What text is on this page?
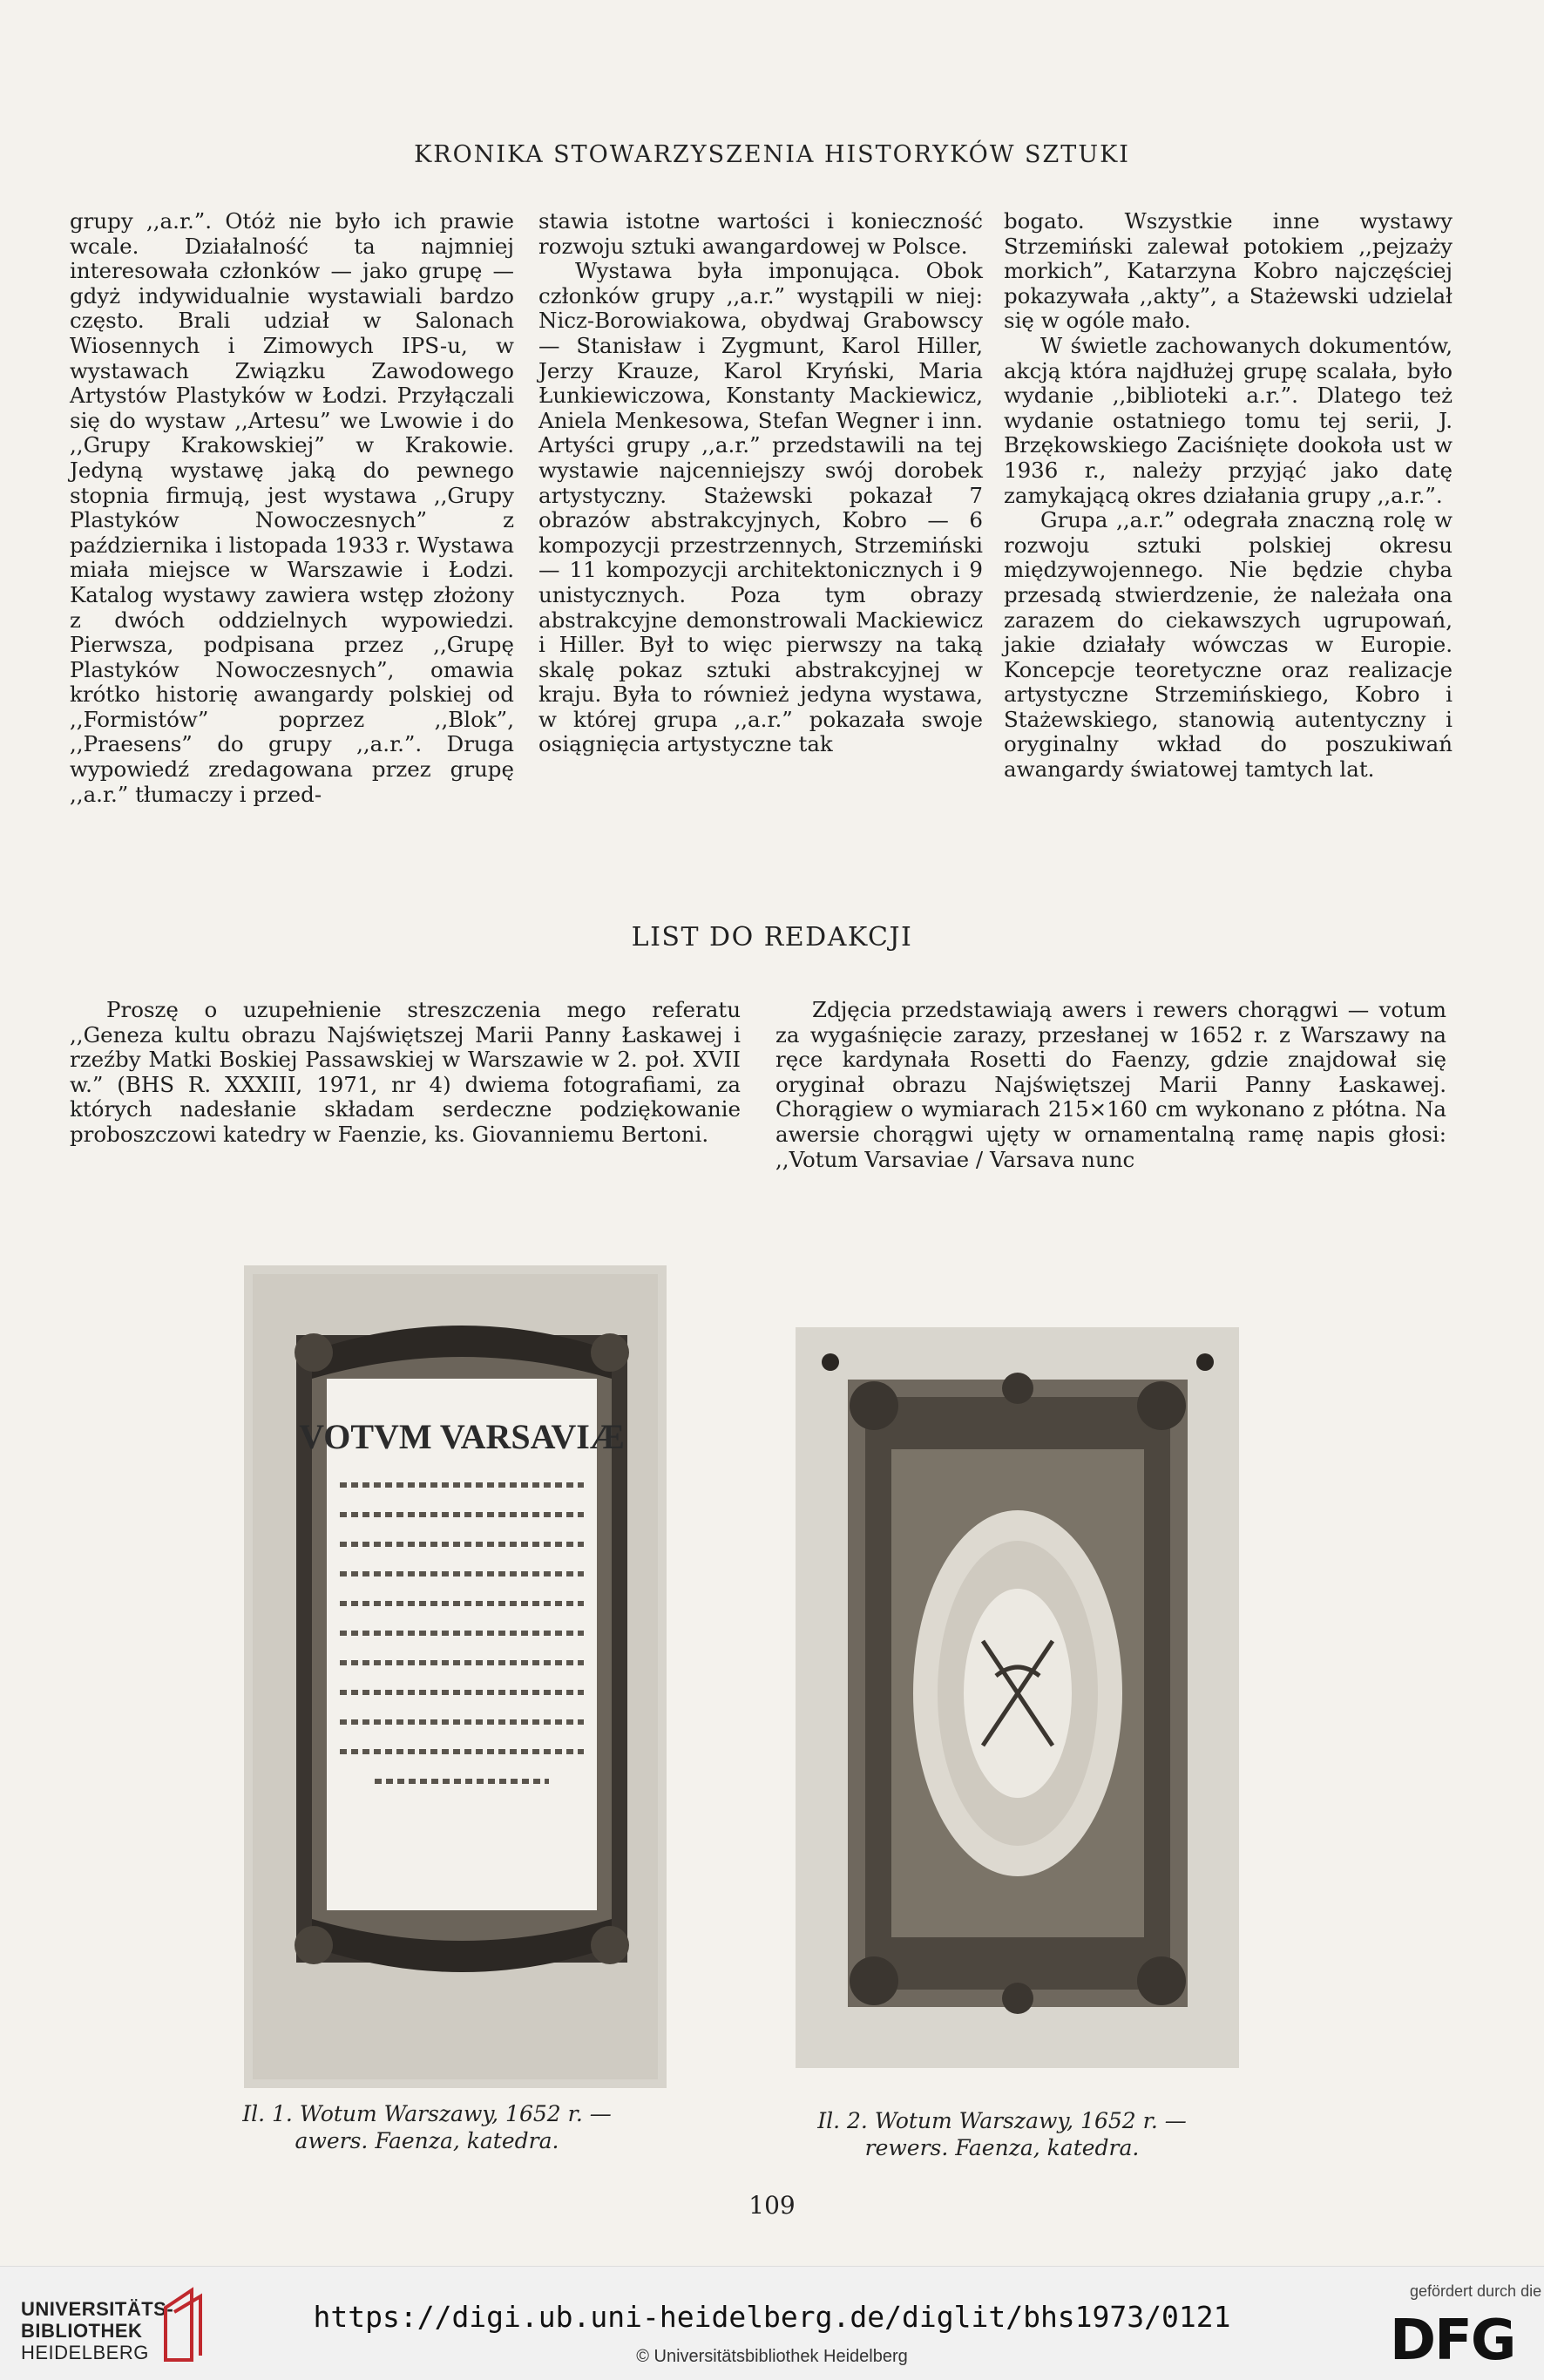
KRONIKA STOWARZYSZENIA HISTORYKÓW SZTUKI

grupy ,,a.r.”. Otóż nie było ich prawie wcale. Działalność ta najmniej interesowała członków — jako grupę — gdyż indywidualnie wystawiali bardzo często. Brali udział w Salonach Wiosennych i Zimowych IPS-u, w wystawach Związku Zawodowego Artystów Plastyków w Łodzi. Przyłączali się do wystaw ,,Artesu” we Lwowie i do ,,Grupy Krakowskiej” w Krakowie. Jedyną wystawę jaką do pewnego stopnia firmują, jest wystawa ,,Grupy Plastyków Nowoczesnych” z października i listopada 1933 r. Wystawa miała miejsce w Warszawie i Łodzi. Katalog wystawy zawiera wstęp złożony z dwóch oddzielnych wypowiedzi. Pierwsza, podpisana przez ,,Grupę Plastyków Nowoczesnych”, omawia krótko historię awangardy polskiej od ,,Formistów” poprzez ,,Blok”, ,,Praesens” do grupy ,,a.r.”. Druga wypowiedź zredagowana przez grupę ,,a.r.” tłumaczy i przed-

stawia istotne wartości i konieczność rozwoju sztuki awangardowej w Polsce.

Wystawa była imponująca. Obok członków grupy ,,a.r.” wystąpili w niej: Nicz-Borowiakowa, obydwaj Grabowscy — Stanisław i Zygmunt, Karol Hiller, Jerzy Krauze, Karol Kryński, Maria Łunkiewiczowa, Konstanty Mackiewicz, Aniela Menkesowa, Stefan Wegner i inn. Artyści grupy ,,a.r.” przedstawili na tej wystawie najcenniejszy swój dorobek artystyczny. Stażewski pokazał 7 obrazów abstrakcyjnych, Kobro — 6 kompozycji przestrzennych, Strzemiński — 11 kompozycji architektonicznych i 9 unistycznych. Poza tym obrazy abstrakcyjne demonstrowali Mackiewicz i Hiller. Był to więc pierwszy na taką skalę pokaz sztuki abstrakcyjnej w kraju. Była to również jedyna wystawa, w której grupa ,,a.r.” pokazała swoje osiągnięcia artystyczne tak

bogato. Wszystkie inne wystawy Strzemiński zalewał potokiem ,,pejzaży morkich”, Katarzyna Kobro najczęściej pokazywała ,,akty”, a Stażewski udzielał się w ogóle mało.

W świetle zachowanych dokumentów, akcją która najdłużej grupę scalała, było wydanie ,,biblioteki a.r.”. Dlatego też wydanie ostatniego tomu tej serii, J. Brzękowskiego Zaciśnięte dookoła ust w 1936 r., należy przyjąć jako datę zamykającą okres działania grupy ,,a.r.”.

Grupa ,,a.r.” odegrała znaczną rolę w rozwoju sztuki polskiej okresu międzywojennego. Nie będzie chyba przesadą stwierdzenie, że należała ona zarazem do ciekawszych ugrupowań, jakie działały wówczas w Europie. Koncepcje teoretyczne oraz realizacje artystyczne Strzemińskiego, Kobro i Stażewskiego, stanowią autentyczny i oryginalny wkład do poszukiwań awangardy światowej tamtych lat.

LIST DO REDAKCJI

Proszę o uzupełnienie streszczenia mego referatu ,,Geneza kultu obrazu Najświętszej Marii Panny Łaskawej i rzeźby Matki Boskiej Passawskiej w Warszawie w 2. poł. XVII w.” (BHS R. XXXIII, 1971, nr 4) dwiema fotografiami, za których nadesłanie składam serdeczne podziękowanie proboszczowi katedry w Faenzie, ks. Giovanniemu Bertoni.

Zdjęcia przedstawiają awers i rewers chorągwi — votum za wygaśnięcie zarazy, przesłanej w 1652 r. z Warszawy na ręce kardynała Rosetti do Faenzy, gdzie znajdował się oryginał obrazu Najświętszej Marii Panny Łaskawej. Chorągiew o wymiarach 215×160 cm wykonano z płótna. Na awersie chorągwi ujęty w ornamentalną ramę napis głosi: ,,Votum Varsaviae / Varsava nunc

VOTVM VARSAVIÆ
Il. 1. Wotum Warszawy, 1652 r. —
awers. Faenza, katedra.
Il. 2. Wotum Warszawy, 1652 r. —
rewers. Faenza, katedra.
109
UNIVERSITÄTS-
BIBLIOTHEK
HEIDELBERG
https://digi.ub.uni-heidelberg.de/diglit/bhs1973/0121
© Universitätsbibliothek Heidelberg
gefördert durch die
DFG
